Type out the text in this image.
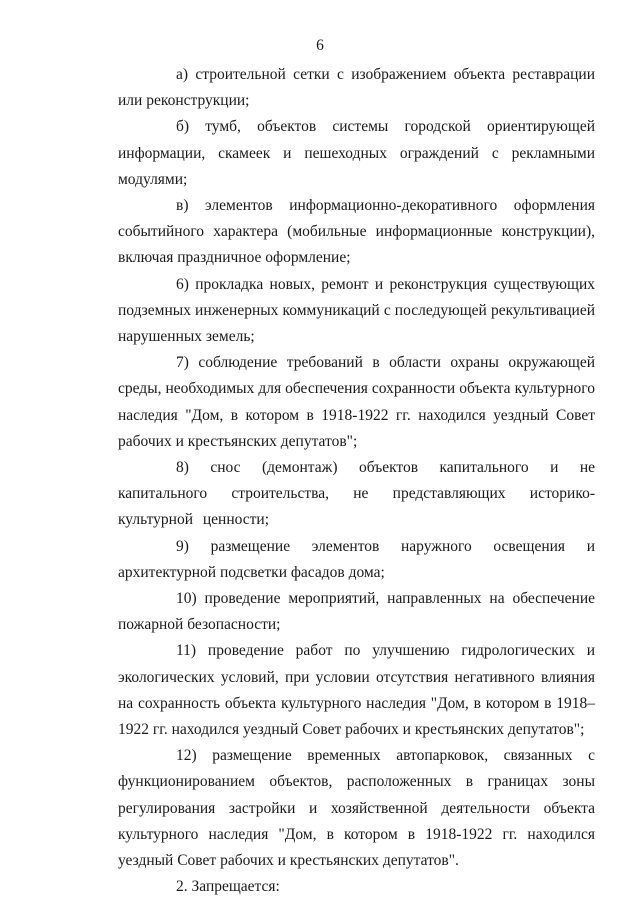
6

а) строительной сетки с изображением объекта реставрации или реконструкции;

б) тумб, объектов системы городской ориентирующей информации, скамеек и пешеходных ограждений с рекламными модулями;

в) элементов информационно-декоративного оформления событийного характера (мобильные информационные конструкции), включая праздничное оформление;

6) прокладка новых, ремонт и реконструкция существующих подземных инженерных коммуникаций с последующей рекультивацией нарушенных земель;

7) соблюдение требований в области охраны окружающей среды, необходимых для обеспечения сохранности объекта культурного наследия "Дом, в котором в 1918-1922 гг. находился уездный Совет рабочих и крестьянских депутатов";

8) снос (демонтаж) объектов капитального и не капитального строительства, не представляющих историко-культурной ценности;

9) размещение элементов наружного освещения и архитектурной подсветки фасадов дома;

10) проведение мероприятий, направленных на обеспечение пожарной безопасности;

11) проведение работ по улучшению гидрологических и экологических условий, при условии отсутствия негативного влияния на сохранность объекта культурного наследия "Дом, в котором в 1918–1922 гг. находился уездный Совет рабочих и крестьянских депутатов";

12) размещение временных автопарковок, связанных с функционированием объектов, расположенных в границах зоны регулирования застройки и хозяйственной деятельности объекта культурного наследия "Дом, в котором в 1918-1922 гг. находился уездный Совет рабочих и крестьянских депутатов".

2. Запрещается:
